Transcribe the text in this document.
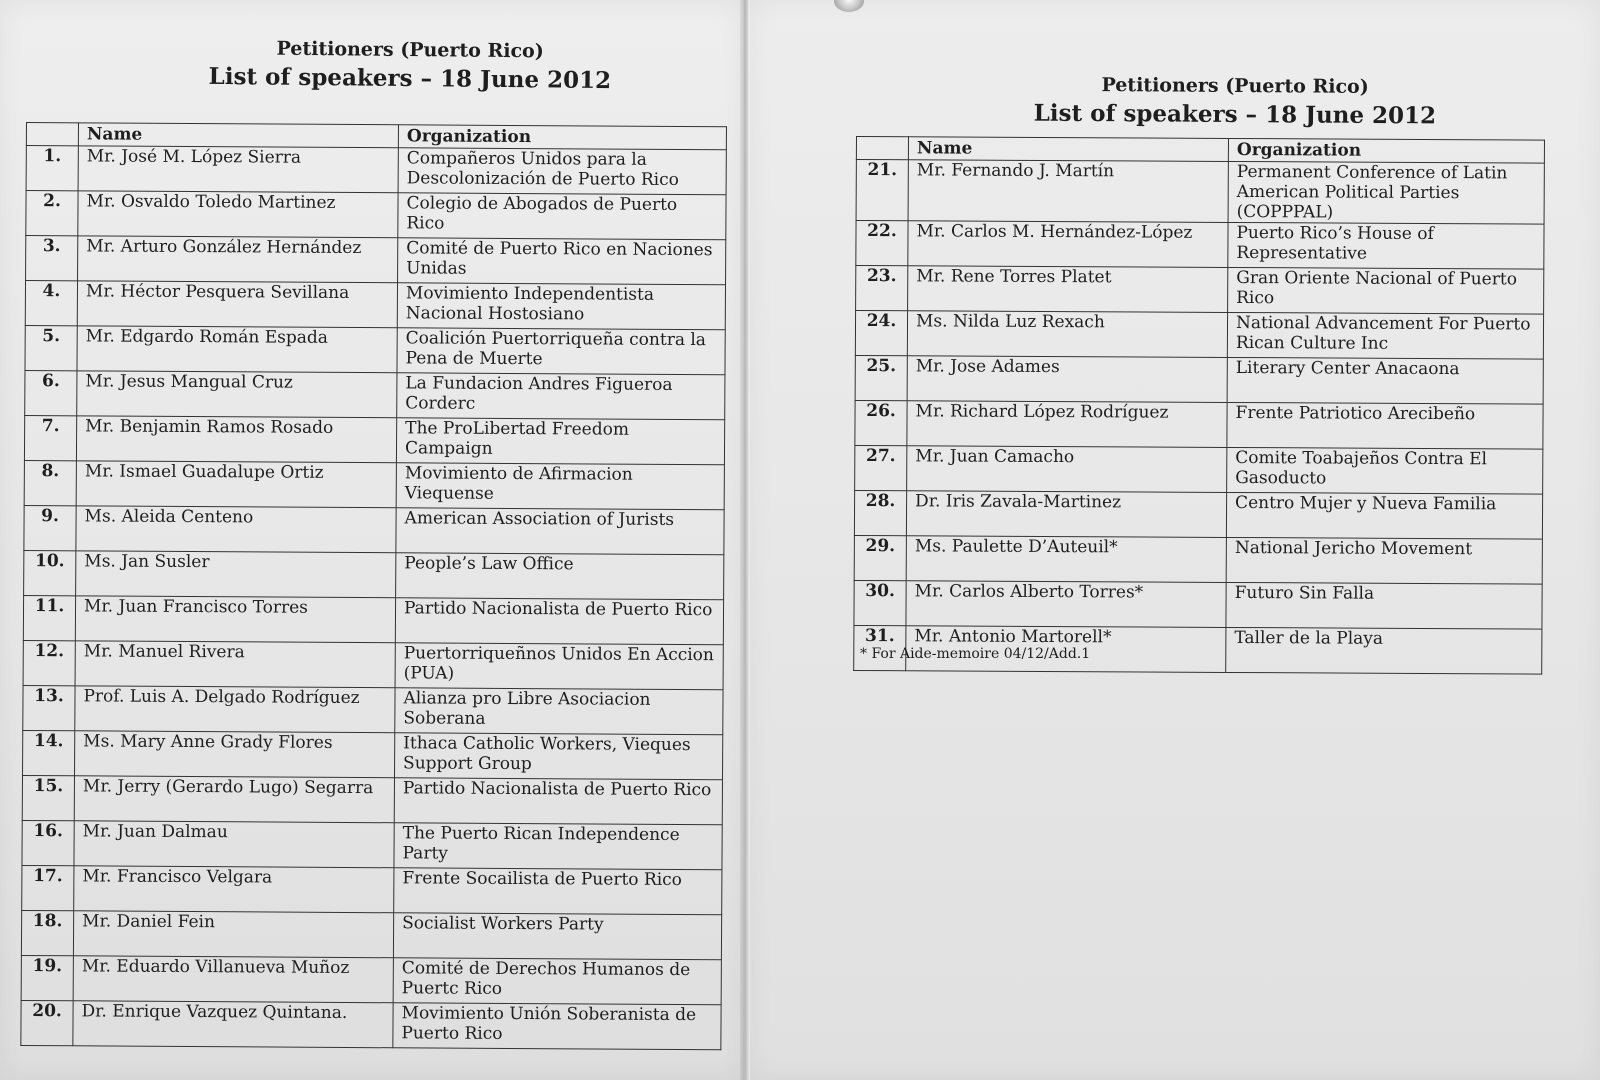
Petitioners (Puerto Rico)
List of speakers – 18 June 2012	Petitioners (Puerto Rico)
List of speakers – 18 June 2012
	Name	Organization
1.	Mr. José M. López Sierra	Compañeros Unidos para la Descolonización de Puerto Rico
2.	Mr. Osvaldo Toledo Martinez	Colegio de Abogados de Puerto Rico
3.	Mr. Arturo González Hernández	Comité de Puerto Rico en Naciones Unidas
4.	Mr. Héctor Pesquera Sevillana	Movimiento Independentista Nacional Hostosiano
5.	Mr. Edgardo Román Espada	Coalición Puertorriqueña contra la Pena de Muerte
6.	Mr. Jesus Mangual Cruz	La Fundacion Andres Figueroa Corderc
7.	Mr. Benjamin Ramos Rosado	The ProLibertad Freedom Campaign
8.	Mr. Ismael Guadalupe Ortiz	Movimiento de Afirmacion Viequense
9.	Ms. Aleida Centeno	American Association of Jurists
10.	Ms. Jan Susler	People’s Law Office
11.	Mr. Juan Francisco Torres	Partido Nacionalista de Puerto Rico
12.	Mr. Manuel Rivera	Puertorriqueñnos Unidos En Accion (PUA)
13.	Prof. Luis A. Delgado Rodríguez	Alianza pro Libre Asociacion Soberana
14.	Ms. Mary Anne Grady Flores	Ithaca Catholic Workers, Vieques Support Group
15.	Mr. Jerry (Gerardo Lugo) Segarra	Partido Nacionalista de Puerto Rico
16.	Mr. Juan Dalmau	The Puerto Rican Independence Party
17.	Mr. Francisco Velgara	Frente Socailista de Puerto Rico
18.	Mr. Daniel Fein	Socialist Workers Party
19.	Mr. Eduardo Villanueva Muñoz	Comité de Derechos Humanos de Puertc Rico
20.	Dr. Enrique Vazquez Quintana.	Movimiento Unión Soberanista de Puerto Rico
	Name	Organization
21.	Mr. Fernando J. Martín	Permanent Conference of Latin American Political Parties (COPPPAL)
22.	Mr. Carlos M. Hernández-López	Puerto Rico’s House of Representative
23.	Mr. Rene Torres Platet	Gran Oriente Nacional of Puerto Rico
24.	Ms. Nilda Luz Rexach	National Advancement For Puerto Rican Culture Inc
25.	Mr. Jose Adames	Literary Center Anacaona
26.	Mr. Richard López Rodríguez	Frente Patriotico Arecibeño
27.	Mr. Juan Camacho	Comite Toabajeños Contra El Gasoducto
28.	Dr. Iris Zavala-Martinez	Centro Mujer y Nueva Familia
29.	Ms. Paulette D’Auteuil*	National Jericho Movement
30.	Mr. Carlos Alberto Torres*	Futuro Sin Falla
31.	Mr. Antonio Martorell*	Taller de la Playa
* For Aide-memoire 04/12/Add.1
